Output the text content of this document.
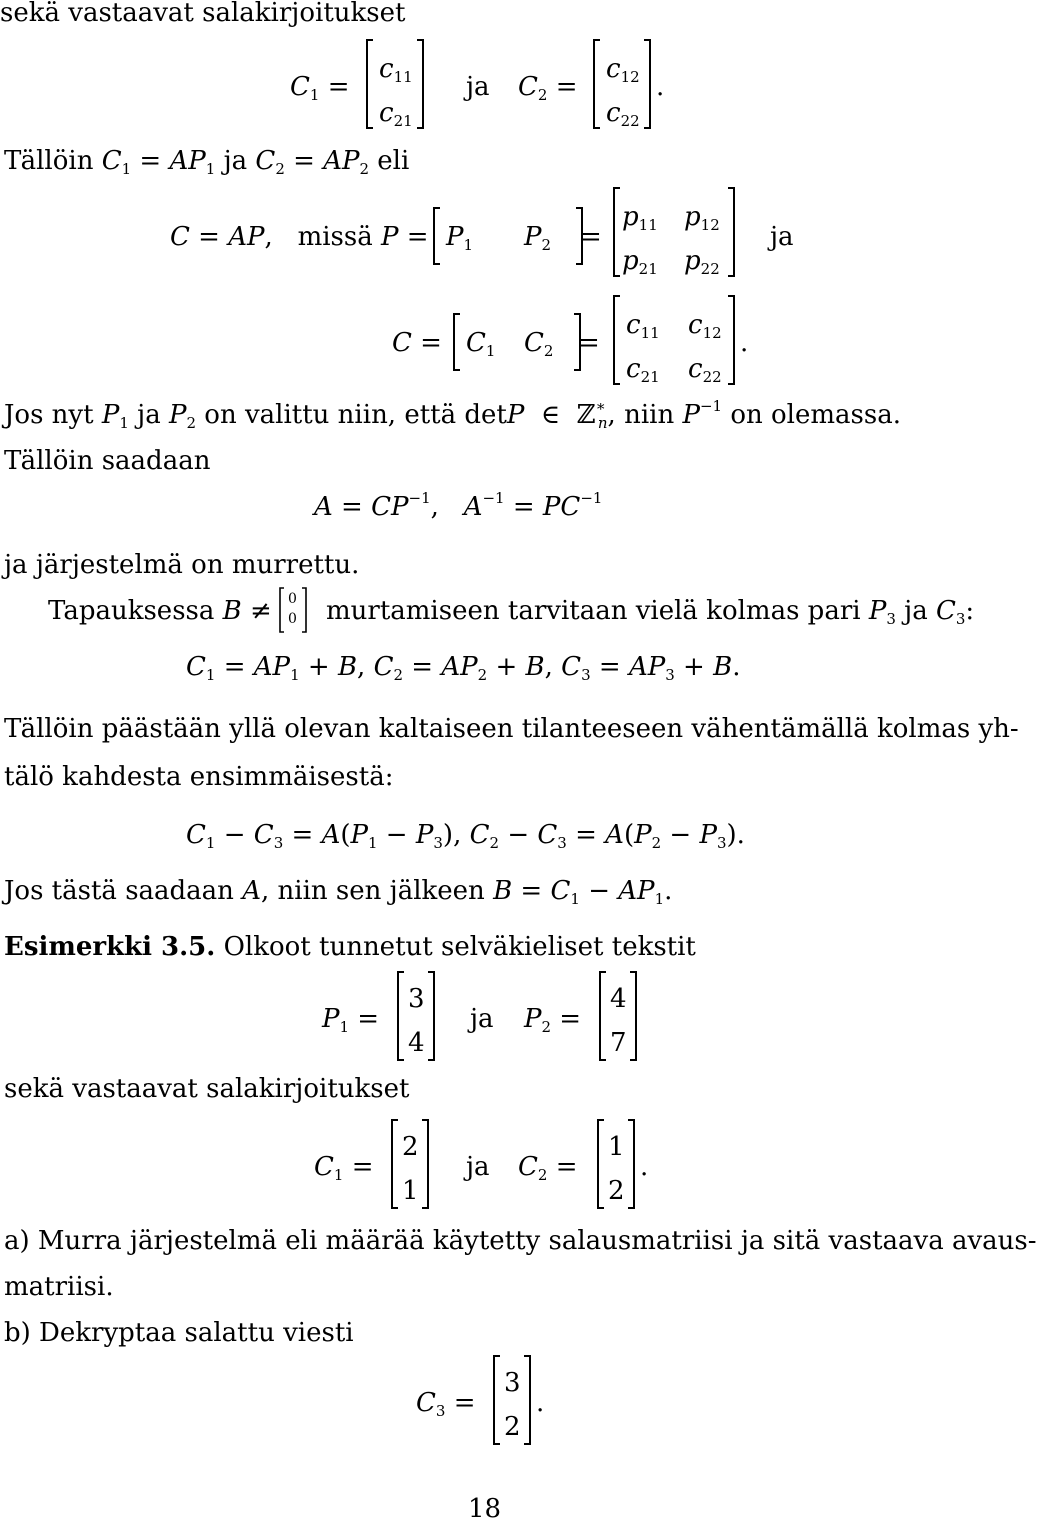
sekä vastaavat salakirjoitukset
$C_1$ =
$c_{11}$
$c_{21}$
ja $C_2$ =
$c_{12}$
$c_{22}$
.
Tällöin $C_1 = AP_1$ ja $C_2 = AP_2$ eli
C = AP,   missä $P = P_1$ $P_2$ =
$p_{11}$ $p_{12}$
$p_{21}$ $p_{22}$
ja
$C = C_1$ $C_2$ =
$c_{11}$ $c_{12}$
$c_{21}$ $c_{22}$
.
Jos nyt $P_1$ ja $P_2$ on valittu niin, että detP  ∈  ℤ∗$_n$, niin $P^{-1}$ on olemassa.
Tällöin saadaan
$A = CP^{-1}$,   $A^{-1} = PC^{-1}$
ja järjestelmä on murrettu.
Tapauksessa B ≠ 0
0 murtamiseen tarvitaan vielä kolmas pari $P_3$ ja $C_3$:
$C_1 = AP_1 + B$, $C_2 = AP_2 + B$, $C_3 = AP_3 + B$.
Tällöin päästään yllä olevan kaltaiseen tilanteeseen vähentämällä kolmas yh-
tälö kahdesta ensimmäisestä:
$C_1 - C_3 = A(P_1 - P_3)$, $C_2 - C_3 = A(P_2 - P_3)$.
Jos tästä saadaan A, niin sen jälkeen $B = C_1 - AP_1$.
Esimerkki 3.5. Olkoot tunnetut selväkieliset tekstit
$P_1$ =
3
4
ja $P_2$ =
4
7
sekä vastaavat salakirjoitukset
$C_1$ =
2
1
ja $C_2$ =
1
2
.
a) Murra järjestelmä eli määrää käytetty salausmatriisi ja sitä vastaava avaus-
matriisi.
b) Dekryptaa salattu viesti
$C_3$ =
3
2
.
18
